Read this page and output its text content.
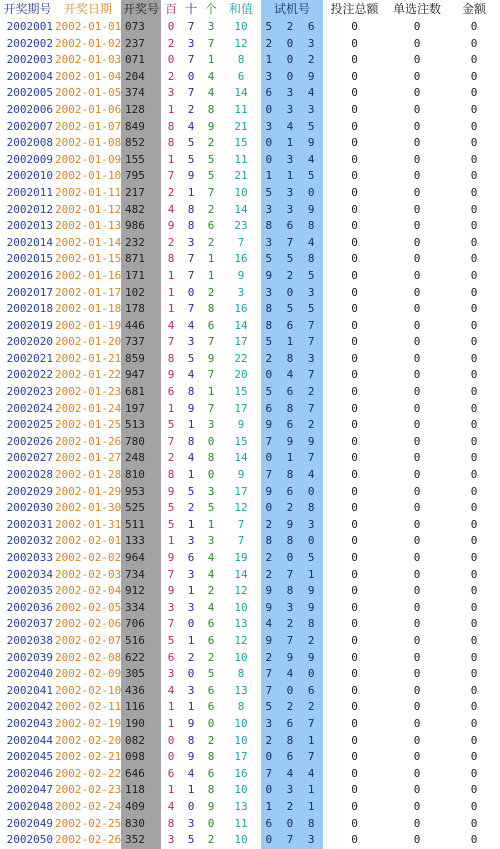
开奖期号	开奖日期	开奖号	百	十	个	和值	试机号	投注总额	单选注数	金额
2002001	2002-01-01	073	0	7	3	10	5 2 6	0	0	0
2002002	2002-01-02	237	2	3	7	12	2 0 3	0	0	0
2002003	2002-01-03	071	0	7	1	8	1 0 2	0	0	0
2002004	2002-01-04	204	2	0	4	6	3 0 9	0	0	0
2002005	2002-01-05	374	3	7	4	14	6 3 4	0	0	0
2002006	2002-01-06	128	1	2	8	11	0 3 3	0	0	0
2002007	2002-01-07	849	8	4	9	21	3 4 5	0	0	0
2002008	2002-01-08	852	8	5	2	15	0 1 9	0	0	0
2002009	2002-01-09	155	1	5	5	11	0 3 4	0	0	0
2002010	2002-01-10	795	7	9	5	21	1 1 5	0	0	0
2002011	2002-01-11	217	2	1	7	10	5 3 0	0	0	0
2002012	2002-01-12	482	4	8	2	14	3 3 9	0	0	0
2002013	2002-01-13	986	9	8	6	23	8 6 8	0	0	0
2002014	2002-01-14	232	2	3	2	7	3 7 4	0	0	0
2002015	2002-01-15	871	8	7	1	16	5 5 8	0	0	0
2002016	2002-01-16	171	1	7	1	9	9 2 5	0	0	0
2002017	2002-01-17	102	1	0	2	3	3 0 3	0	0	0
2002018	2002-01-18	178	1	7	8	16	8 5 5	0	0	0
2002019	2002-01-19	446	4	4	6	14	8 6 7	0	0	0
2002020	2002-01-20	737	7	3	7	17	5 1 7	0	0	0
2002021	2002-01-21	859	8	5	9	22	2 8 3	0	0	0
2002022	2002-01-22	947	9	4	7	20	0 4 7	0	0	0
2002023	2002-01-23	681	6	8	1	15	5 6 2	0	0	0
2002024	2002-01-24	197	1	9	7	17	6 8 7	0	0	0
2002025	2002-01-25	513	5	1	3	9	9 6 2	0	0	0
2002026	2002-01-26	780	7	8	0	15	7 9 9	0	0	0
2002027	2002-01-27	248	2	4	8	14	0 1 7	0	0	0
2002028	2002-01-28	810	8	1	0	9	7 8 4	0	0	0
2002029	2002-01-29	953	9	5	3	17	9 6 0	0	0	0
2002030	2002-01-30	525	5	2	5	12	0 2 8	0	0	0
2002031	2002-01-31	511	5	1	1	7	2 9 3	0	0	0
2002032	2002-02-01	133	1	3	3	7	8 8 0	0	0	0
2002033	2002-02-02	964	9	6	4	19	2 0 5	0	0	0
2002034	2002-02-03	734	7	3	4	14	2 7 1	0	0	0
2002035	2002-02-04	912	9	1	2	12	9 8 9	0	0	0
2002036	2002-02-05	334	3	3	4	10	9 3 9	0	0	0
2002037	2002-02-06	706	7	0	6	13	4 2 8	0	0	0
2002038	2002-02-07	516	5	1	6	12	9 7 2	0	0	0
2002039	2002-02-08	622	6	2	2	10	2 9 9	0	0	0
2002040	2002-02-09	305	3	0	5	8	7 4 0	0	0	0
2002041	2002-02-10	436	4	3	6	13	7 0 6	0	0	0
2002042	2002-02-11	116	1	1	6	8	5 2 2	0	0	0
2002043	2002-02-19	190	1	9	0	10	3 6 7	0	0	0
2002044	2002-02-20	082	0	8	2	10	2 8 1	0	0	0
2002045	2002-02-21	098	0	9	8	17	0 6 7	0	0	0
2002046	2002-02-22	646	6	4	6	16	7 4 4	0	0	0
2002047	2002-02-23	118	1	1	8	10	0 3 1	0	0	0
2002048	2002-02-24	409	4	0	9	13	1 2 1	0	0	0
2002049	2002-02-25	830	8	3	0	11	6 0 8	0	0	0
2002050	2002-02-26	352	3	5	2	10	0 7 3	0	0	0
